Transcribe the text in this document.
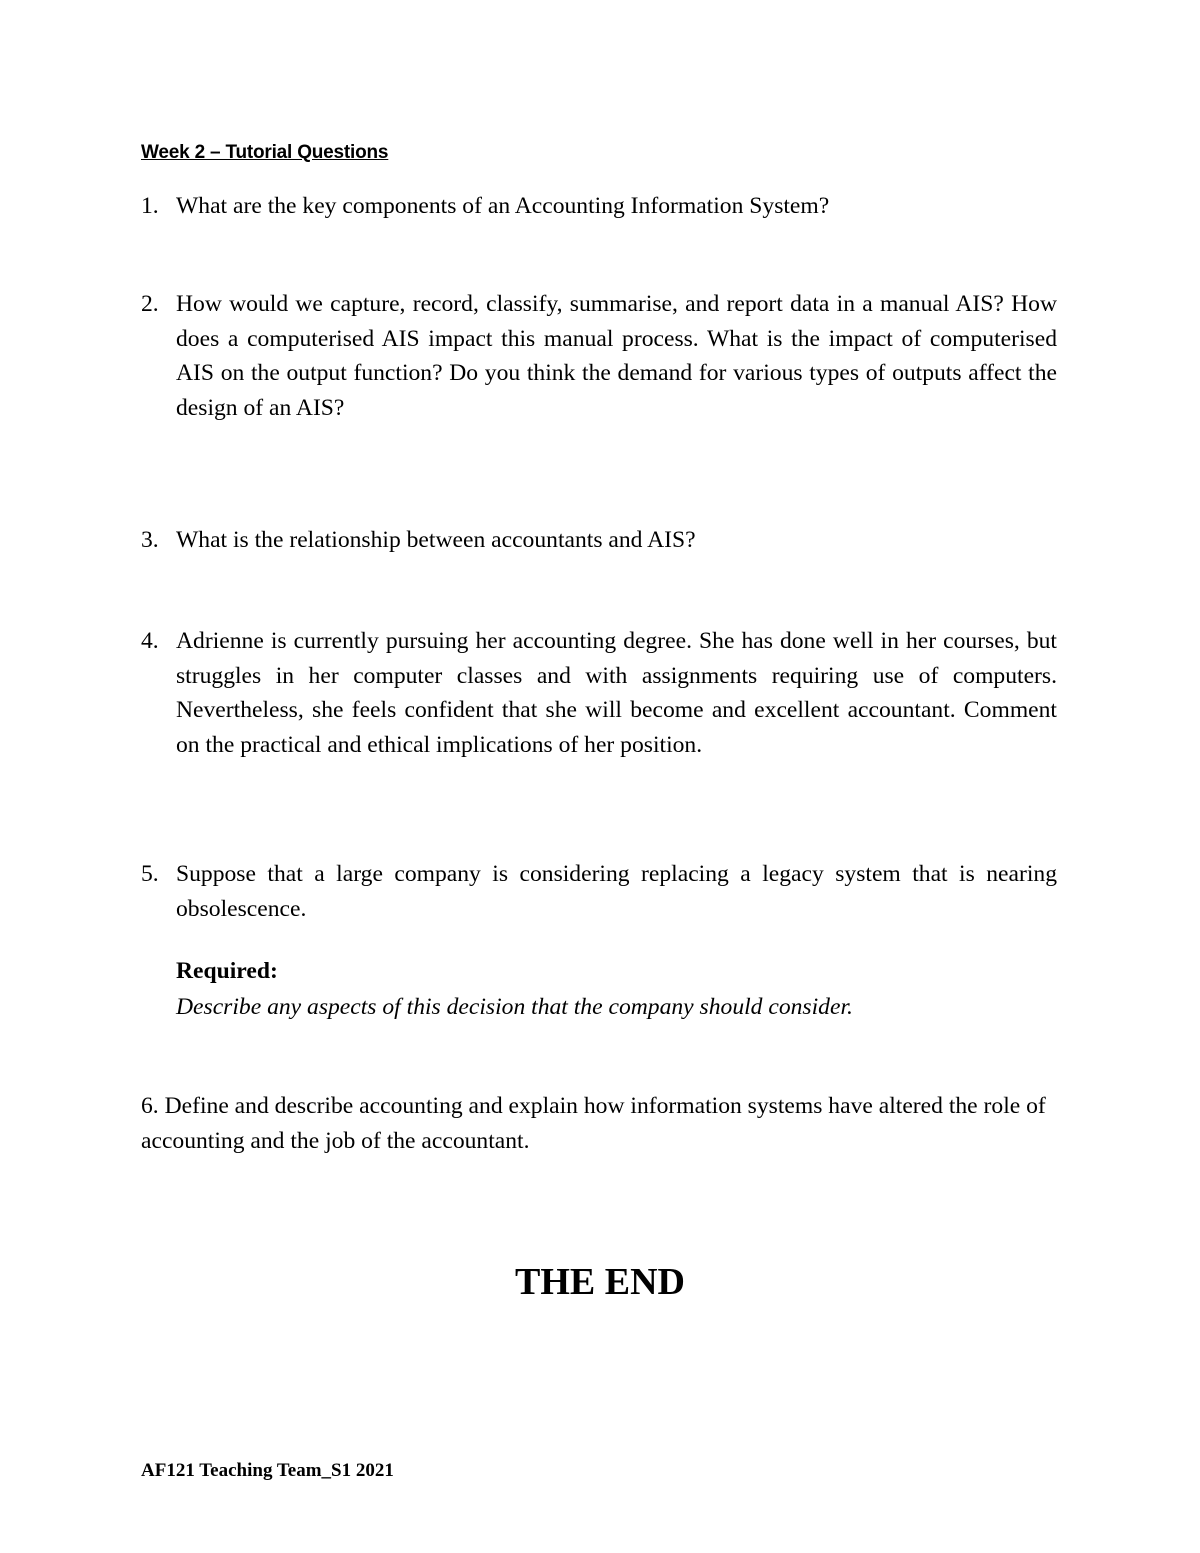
Week 2 – Tutorial Questions
1. What are the key components of an Accounting Information System?
2. How would we capture, record, classify, summarise, and report data in a manual AIS? How does a computerised AIS impact this manual process. What is the impact of computerised AIS on the output function? Do you think the demand for various types of outputs affect the design of an AIS?
3. What is the relationship between accountants and AIS?
4. Adrienne is currently pursuing her accounting degree. She has done well in her courses, but struggles in her computer classes and with assignments requiring use of computers. Nevertheless, she feels confident that she will become and excellent accountant. Comment on the practical and ethical implications of her position.
5. Suppose that a large company is considering replacing a legacy system that is nearing obsolescence.
Required:
Describe any aspects of this decision that the company should consider.
6. Define and describe accounting and explain how information systems have altered the role of accounting and the job of the accountant.
THE END
AF121 Teaching Team_S1 2021
